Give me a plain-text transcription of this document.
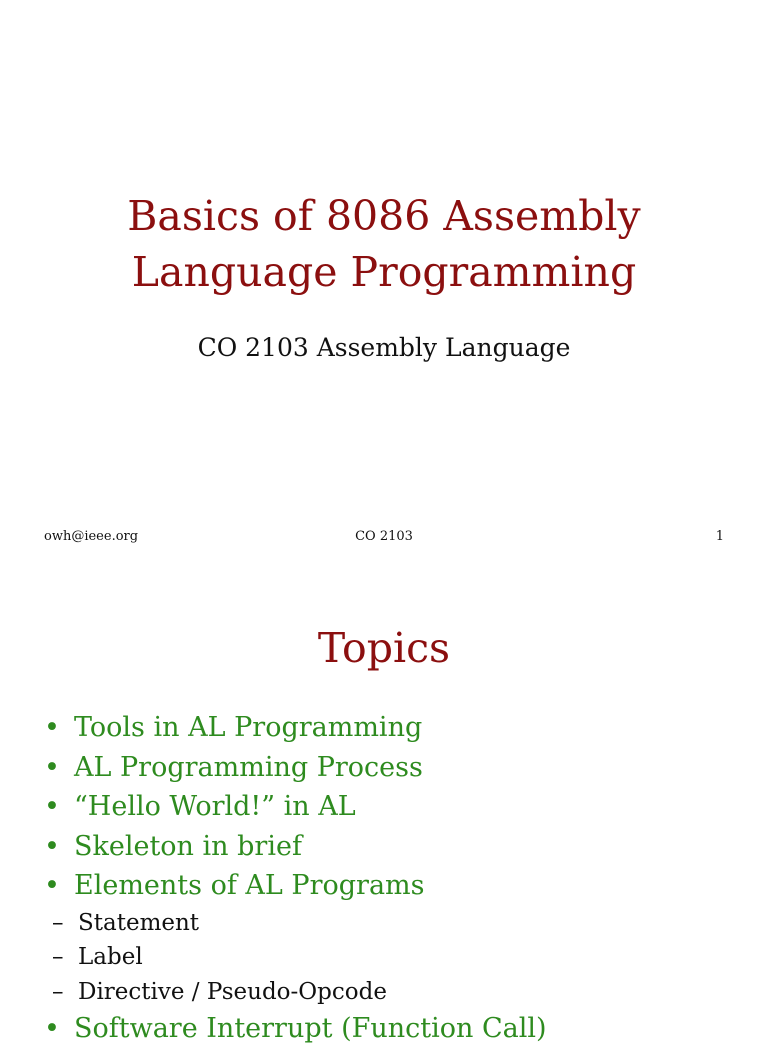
Basics of 8086 Assembly
Language Programming
CO 2103 Assembly Language
owh@ieee.org	CO 2103	1
Topics
• Tools in AL Programming
• AL Programming Process
• “Hello World!” in AL
• Skeleton in brief
• Elements of AL Programs
– Statement
– Label
– Directive / Pseudo-Opcode
• Software Interrupt (Function Call)
